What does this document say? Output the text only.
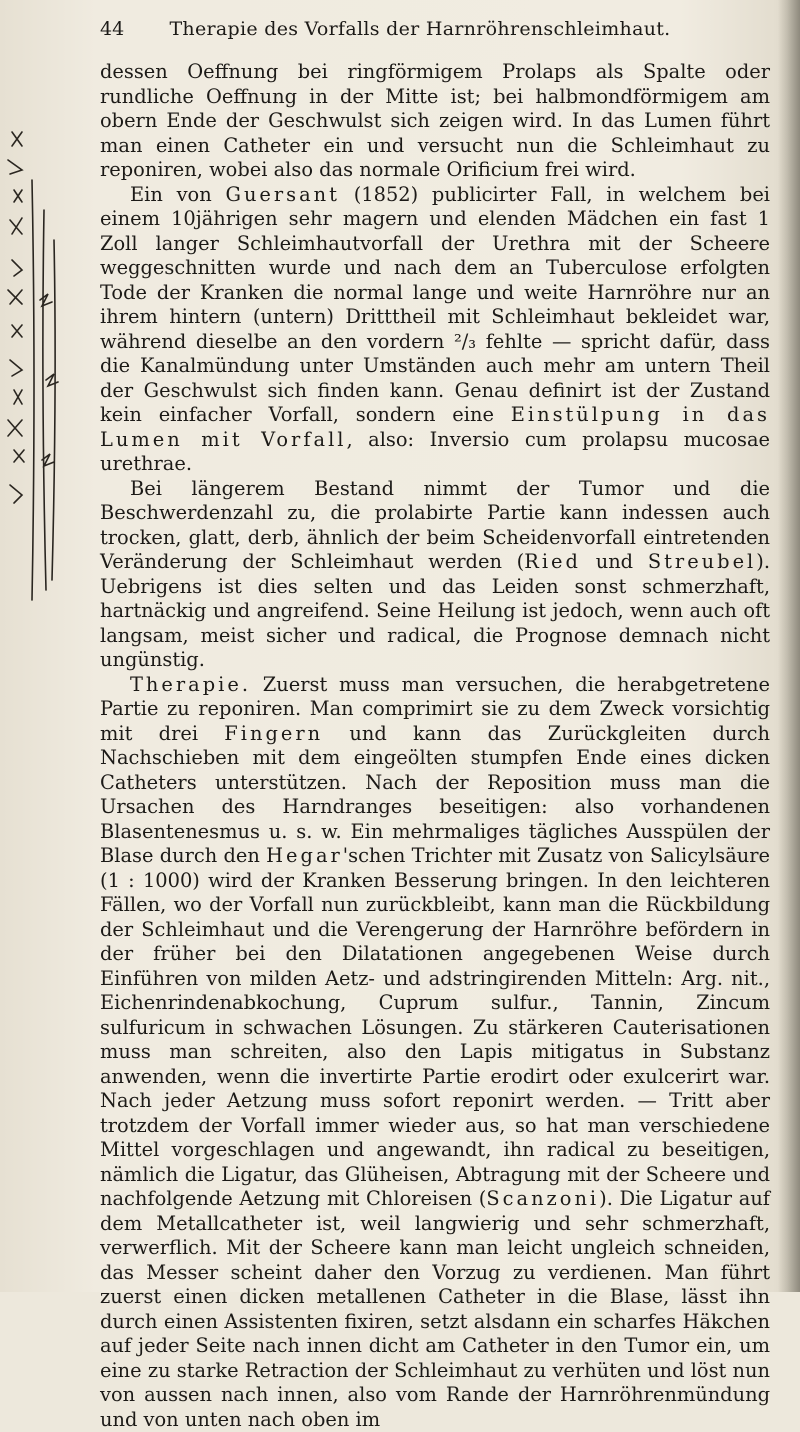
44	Therapie des Vorfalls der Harnröhrenschleimhaut.

dessen Oeffnung bei ringförmigem Prolaps als Spalte oder rundliche Oeffnung in der Mitte ist; bei halbmondförmigem am obern Ende der Geschwulst sich zeigen wird. In das Lumen führt man einen Catheter ein und versucht nun die Schleimhaut zu reponiren, wobei also das normale Orificium frei wird.

Ein von Guersant (1852) publicirter Fall, in welchem bei einem 10jährigen sehr magern und elenden Mädchen ein fast 1 Zoll langer Schleimhautvorfall der Urethra mit der Scheere weggeschnitten wurde und nach dem an Tuberculose erfolgten Tode der Kranken die normal lange und weite Harnröhre nur an ihrem hintern (untern) Dritttheil mit Schleimhaut bekleidet war, während dieselbe an den vordern ²/₃ fehlte — spricht dafür, dass die Kanalmündung unter Umständen auch mehr am untern Theil der Geschwulst sich finden kann. Genau definirt ist der Zustand kein einfacher Vorfall, sondern eine Einstülpung in das Lumen mit Vorfall, also: Inversio cum prolapsu mucosae urethrae.

Bei längerem Bestand nimmt der Tumor und die Beschwerdenzahl zu, die prolabirte Partie kann indessen auch trocken, glatt, derb, ähnlich der beim Scheidenvorfall eintretenden Veränderung der Schleimhaut werden (Ried und Streubel). Uebrigens ist dies selten und das Leiden sonst schmerzhaft, hartnäckig und angreifend. Seine Heilung ist jedoch, wenn auch oft langsam, meist sicher und radical, die Prognose demnach nicht ungünstig.

Therapie. Zuerst muss man versuchen, die herabgetretene Partie zu reponiren. Man comprimirt sie zu dem Zweck vorsichtig mit drei Fingern und kann das Zurückgleiten durch Nachschieben mit dem eingeölten stumpfen Ende eines dicken Catheters unterstützen. Nach der Reposition muss man die Ursachen des Harndranges beseitigen: also vorhandenen Blasentenesmus u. s. w. Ein mehrmaliges tägliches Ausspülen der Blase durch den Hegar'schen Trichter mit Zusatz von Salicylsäure (1 : 1000) wird der Kranken Besserung bringen. In den leichteren Fällen, wo der Vorfall nun zurückbleibt, kann man die Rückbildung der Schleimhaut und die Verengerung der Harnröhre befördern in der früher bei den Dilatationen angegebenen Weise durch Einführen von milden Aetz- und adstringirenden Mitteln: Arg. nit., Eichenrindenabkochung, Cuprum sulfur., Tannin, Zincum sulfuricum in schwachen Lösungen. Zu stärkeren Cauterisationen muss man schreiten, also den Lapis mitigatus in Substanz anwenden, wenn die invertirte Partie erodirt oder exulcerirt war. Nach jeder Aetzung muss sofort reponirt werden. — Tritt aber trotzdem der Vorfall immer wieder aus, so hat man verschiedene Mittel vorgeschlagen und angewandt, ihn radical zu beseitigen, nämlich die Ligatur, das Glüheisen, Abtragung mit der Scheere und nachfolgende Aetzung mit Chloreisen (Scanzoni). Die Ligatur auf dem Metallcatheter ist, weil langwierig und sehr schmerzhaft, verwerflich. Mit der Scheere kann man leicht ungleich schneiden, das Messer scheint daher den Vorzug zu verdienen. Man führt zuerst einen dicken metallenen Catheter in die Blase, lässt ihn durch einen Assistenten fixiren, setzt alsdann ein scharfes Häkchen auf jeder Seite nach innen dicht am Catheter in den Tumor ein, um eine zu starke Retraction der Schleimhaut zu verhüten und löst nun von aussen nach innen, also vom Rande der Harnröhrenmündung und von unten nach oben im
